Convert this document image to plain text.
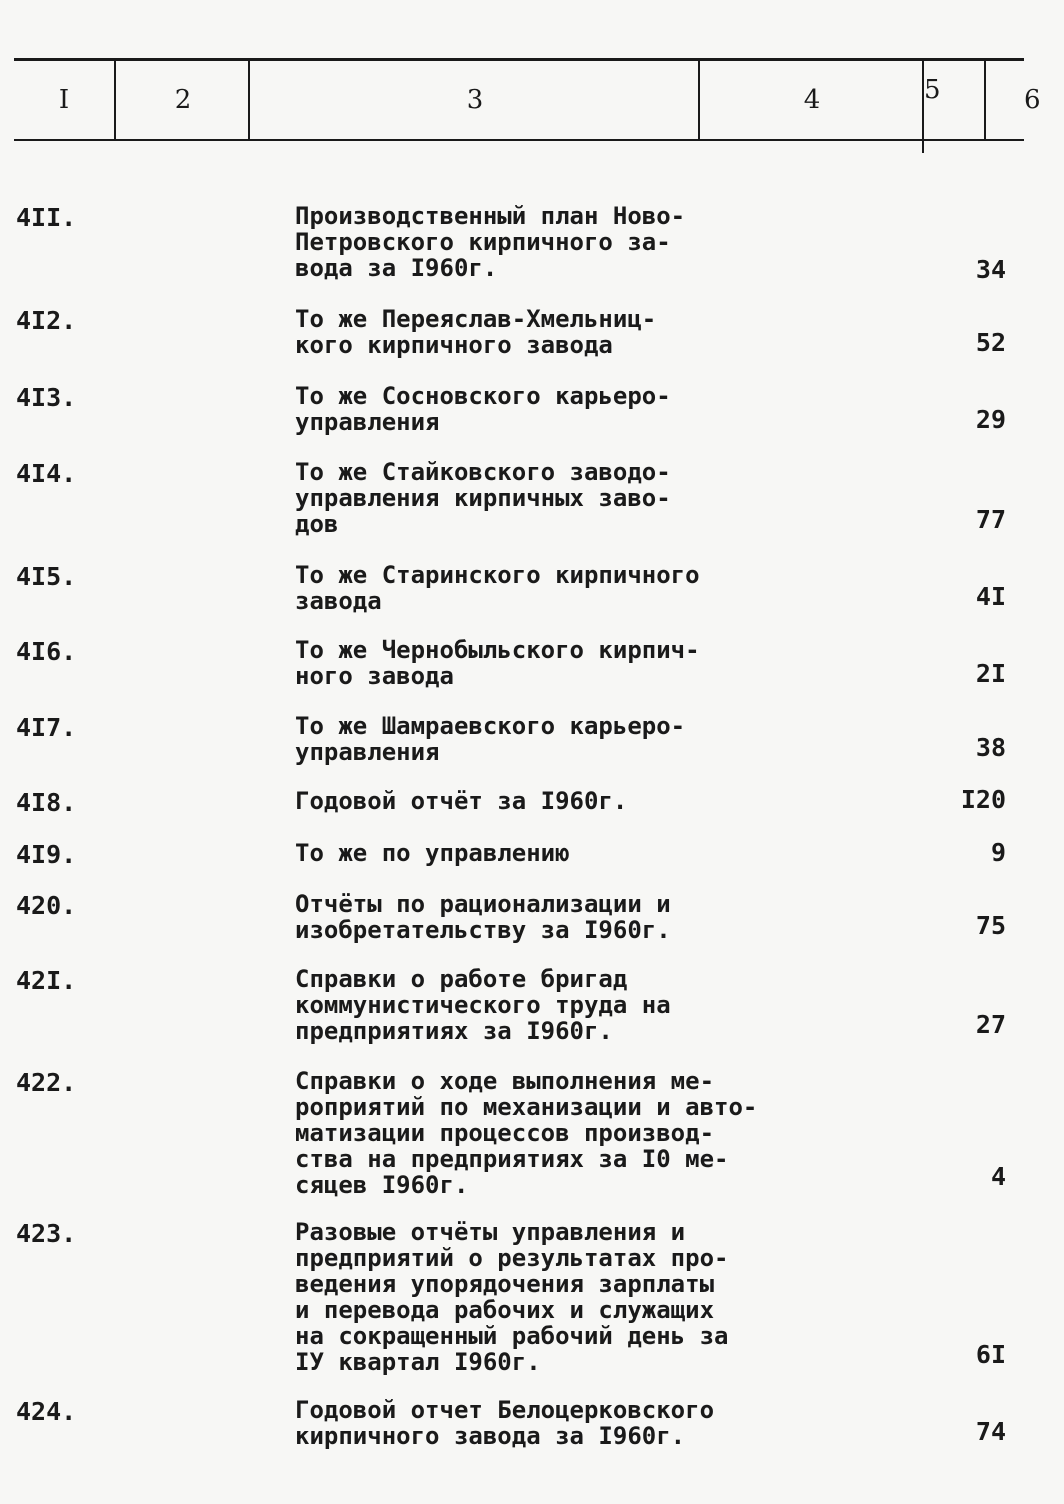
I	2	3	4	5	6
4II.	Производственный план Ново-
Петровского кирпичного за-
вода за I960г.	34
4I2.	То же Переяслав-Хмельниц-
кого кирпичного завода	52
4I3.	То же Сосновского карьеро-
управления	29
4I4.	То же Стайковского заводо-
управления кирпичных заво-
дов	77
4I5.	То же Старинского кирпичного
завода	4I
4I6.	То же Чернобыльского кирпич-
ного завода	2I
4I7.	То же Шамраевского карьеро-
управления	38
4I8.	Годовой отчёт за I960г.	I20
4I9.	То же по управлению	9
420.	Отчёты по рационализации и
изобретательству за I960г.	75
42I.	Справки о работе бригад
коммунистического труда на
предприятиях за I960г.	27
422.	Справки о ходе выполнения ме-
роприятий по механизации и авто-
матизации процессов производ-
ства на предприятиях за I0 ме-
сяцев I960г.	4
423.	Разовые отчёты управления и
предприятий о результатах про-
ведения упорядочения зарплаты
и перевода рабочих и служащих
на сокращенный рабочий день за
IУ квартал I960г.	6I
424.	Годовой отчет Белоцерковского
кирпичного завода за I960г.	74
